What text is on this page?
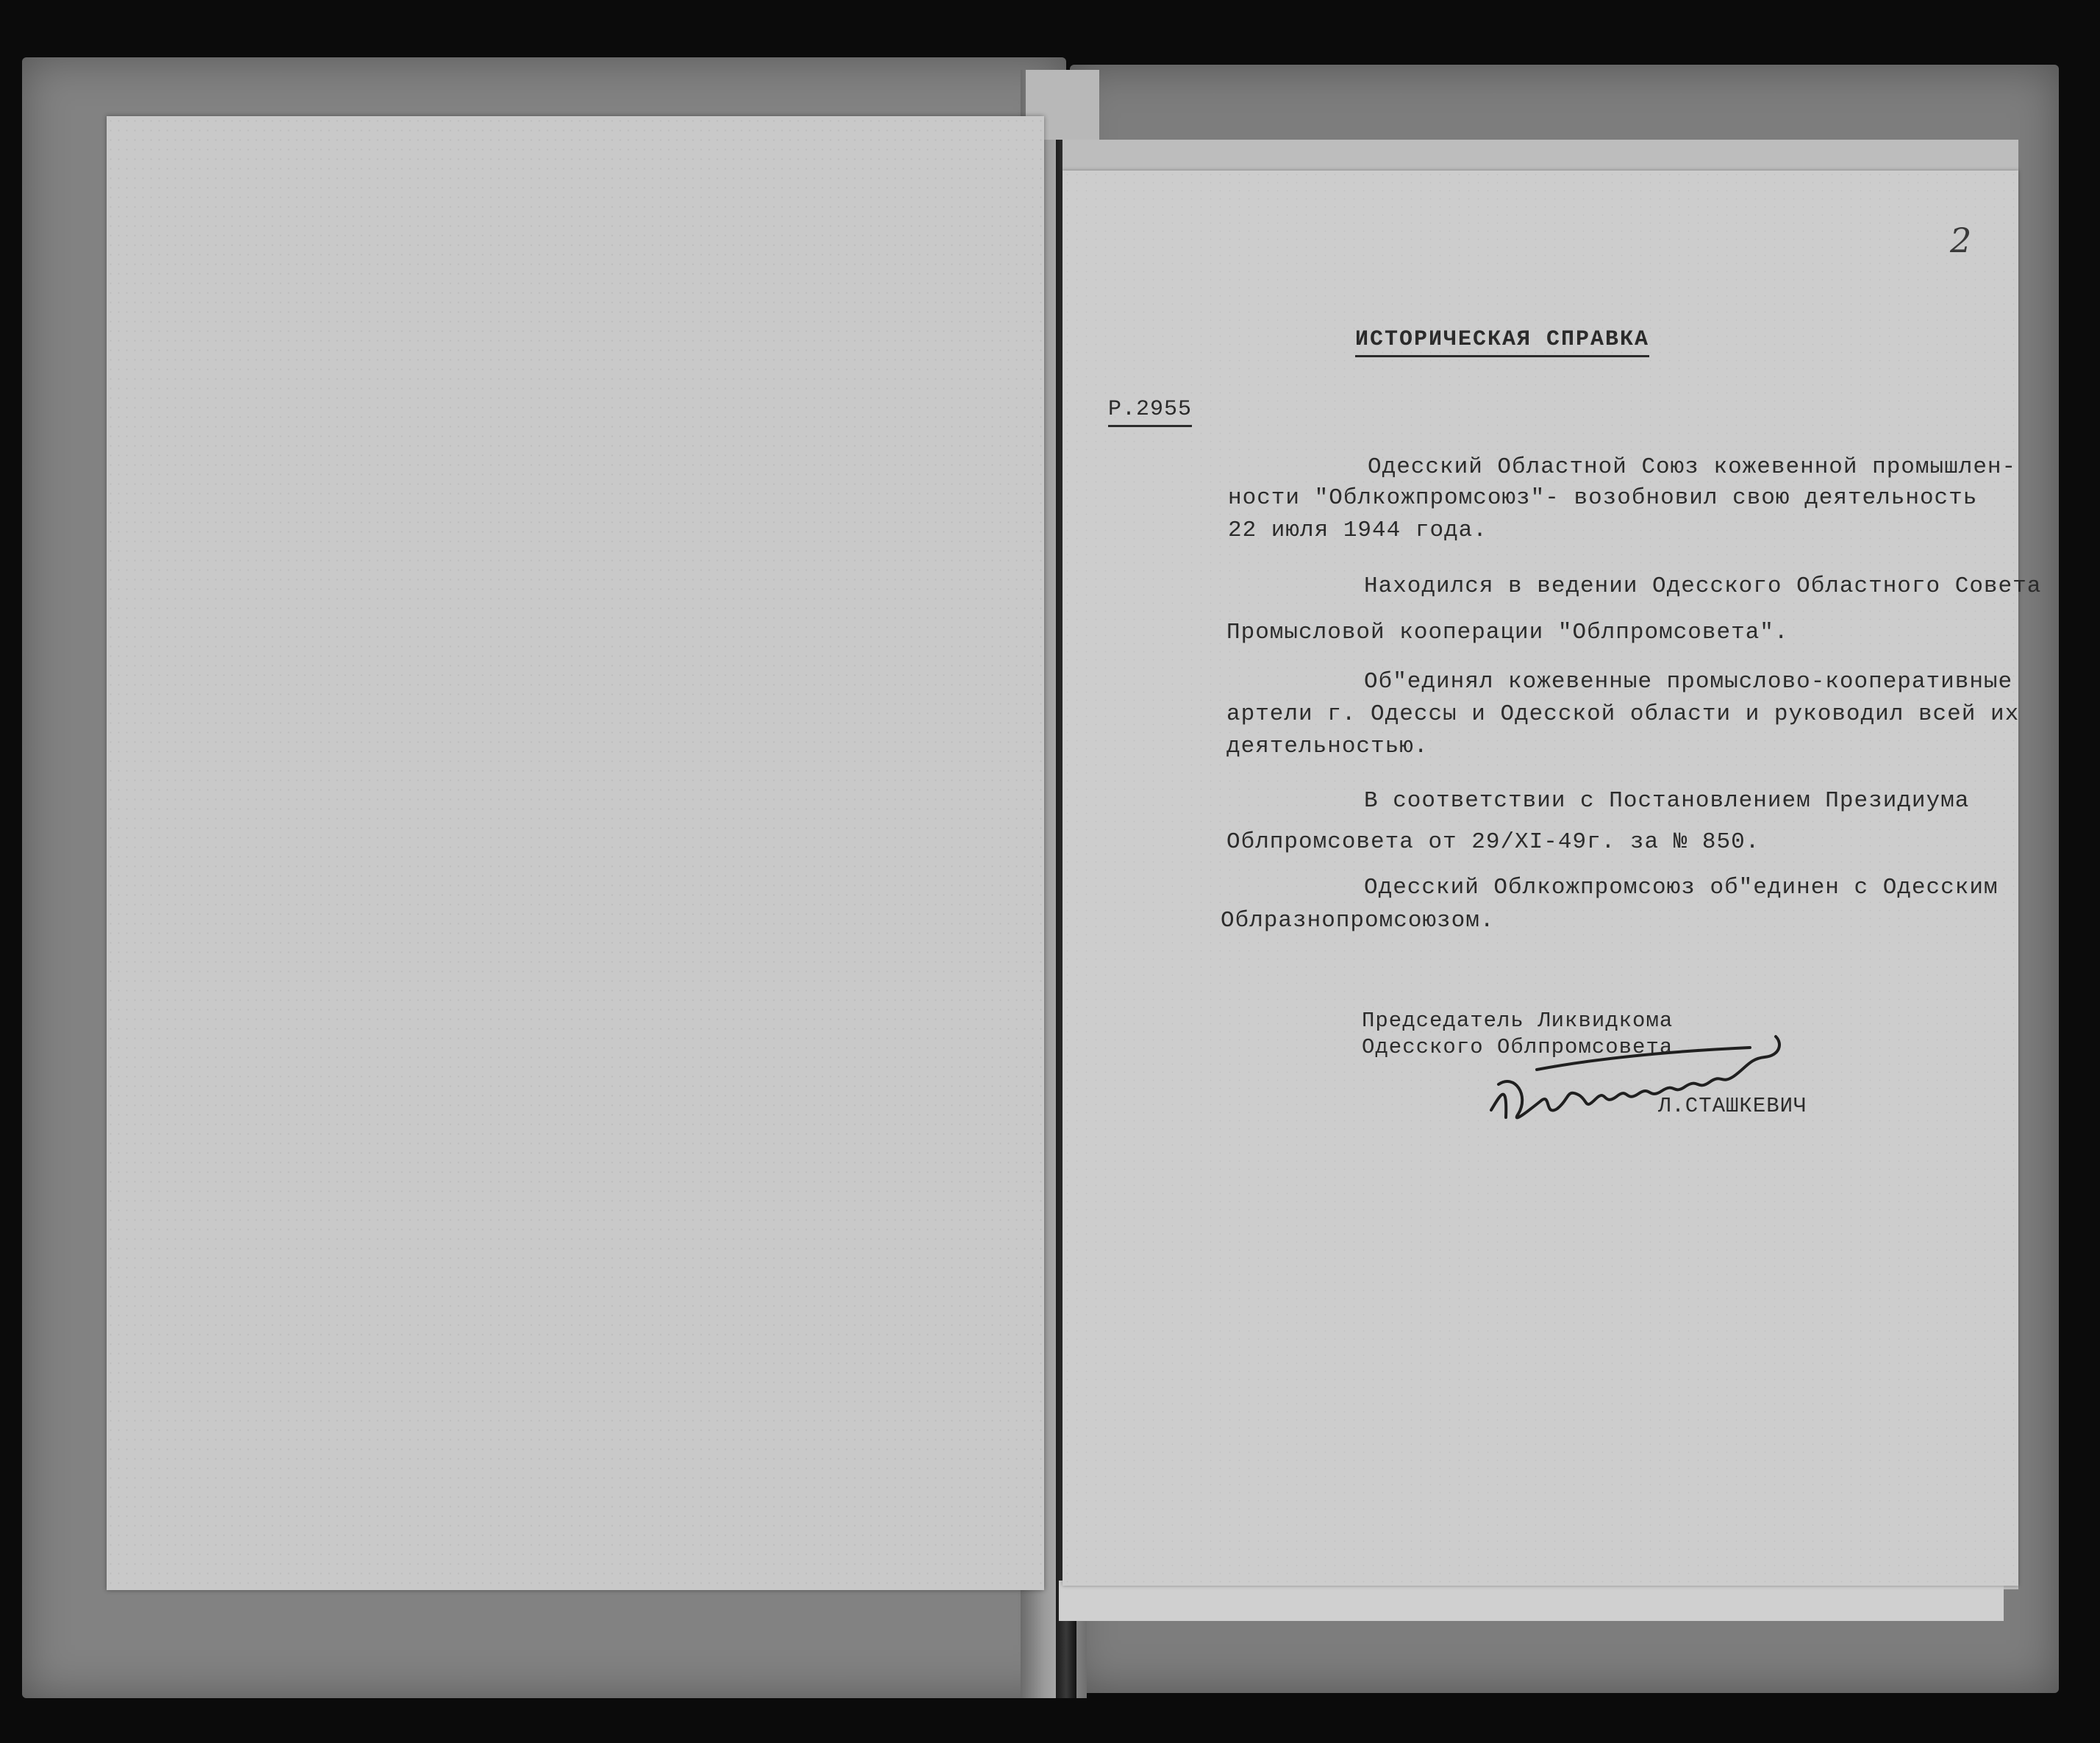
2
ИСТОРИЧЕСКАЯ СПРАВКА
Р.2955
Одесский Областной Союз кожевенной промышлен-
ности "Облкожпромсоюз"- возобновил свою деятельность
22 июля 1944 года.
Находился в ведении Одесского Областного Совета
Промысловой кооперации "Облпромсовета".
Об"единял кожевенные промыслово-кооперативные
артели г. Одессы и Одесской области и руководил всей их
деятельностью.
В соответствии с Постановлением Президиума
Облпромсовета от 29/XI-49г. за № 850.
Одесский Облкожпромсоюз об"единен с Одесским
Облразнопромсоюзом.
Председатель Ликвидкома
Одесского Облпромсовета
Л.СТАШКЕВИЧ
